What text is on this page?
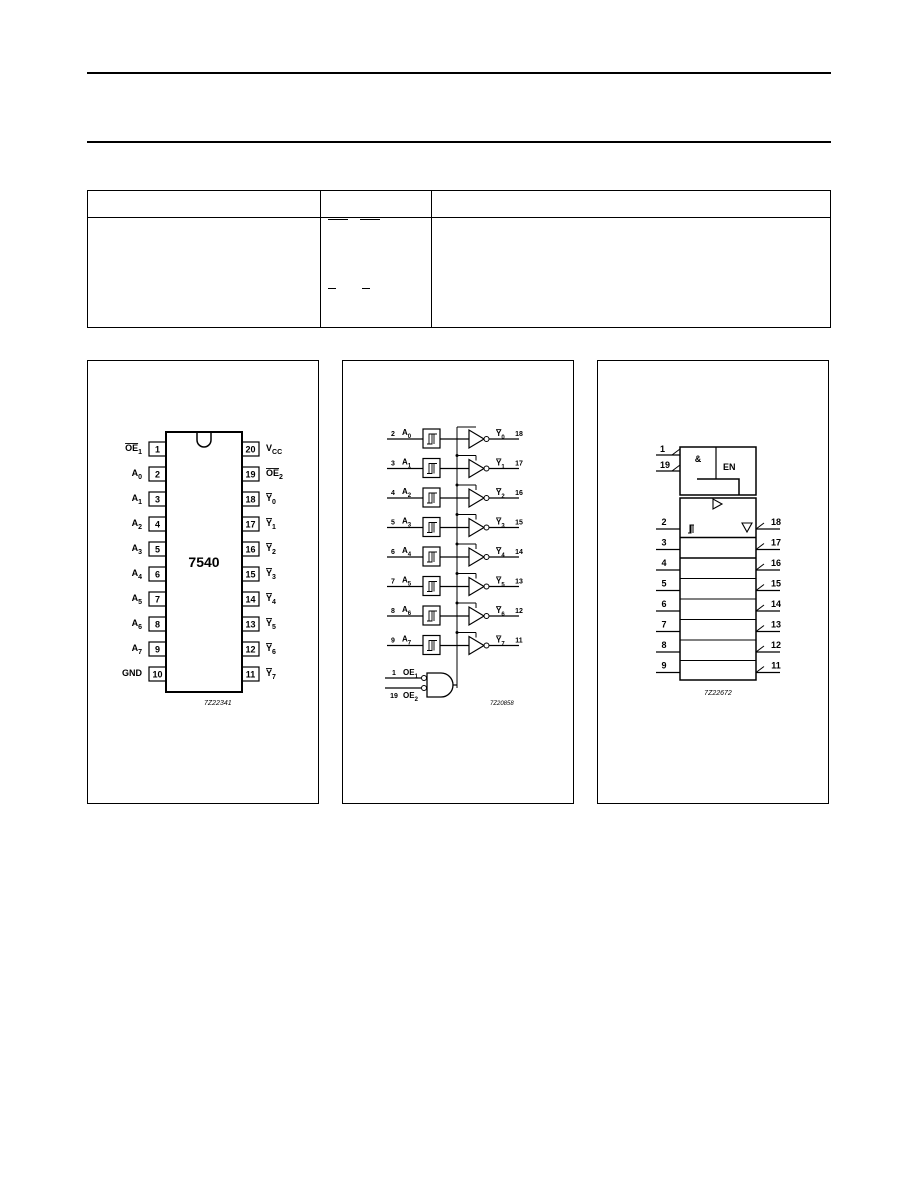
7540
1
$OE_1$
2
$A_0$
3
$A_1$
4
$A_2$
5
$A_3$
6
$A_4$
7
$A_5$
8
$A_6$
9
$A_7$
10
GND
20 $V_{CC}$
19 $OE_2$
18 $Y_0$
17 $Y_1$
16 $Y_2$
15 $Y_3$
14 $Y_4$
13 $Y_5$
12 $Y_6$
11 $Y_7$
7Z22341
2 $A_0$	$Y_0$ 18
3 $A_1$	$Y_1$ 17
4 $A_2$	$Y_2$ 16
5 $A_3$	$Y_3$ 15
6 $A_4$	$Y_4$ 14
7 $A_5$	$Y_5$ 13
8 $A_6$	$Y_6$ 12
9 $A_7$	$Y_7$ 11
1 $OE_1$
19 $OE_2$
7Z20858
&
EN
1
19
2
3
4
5
6
7
8
9
18
17
16
15
14
13
12
11
7Z22672
